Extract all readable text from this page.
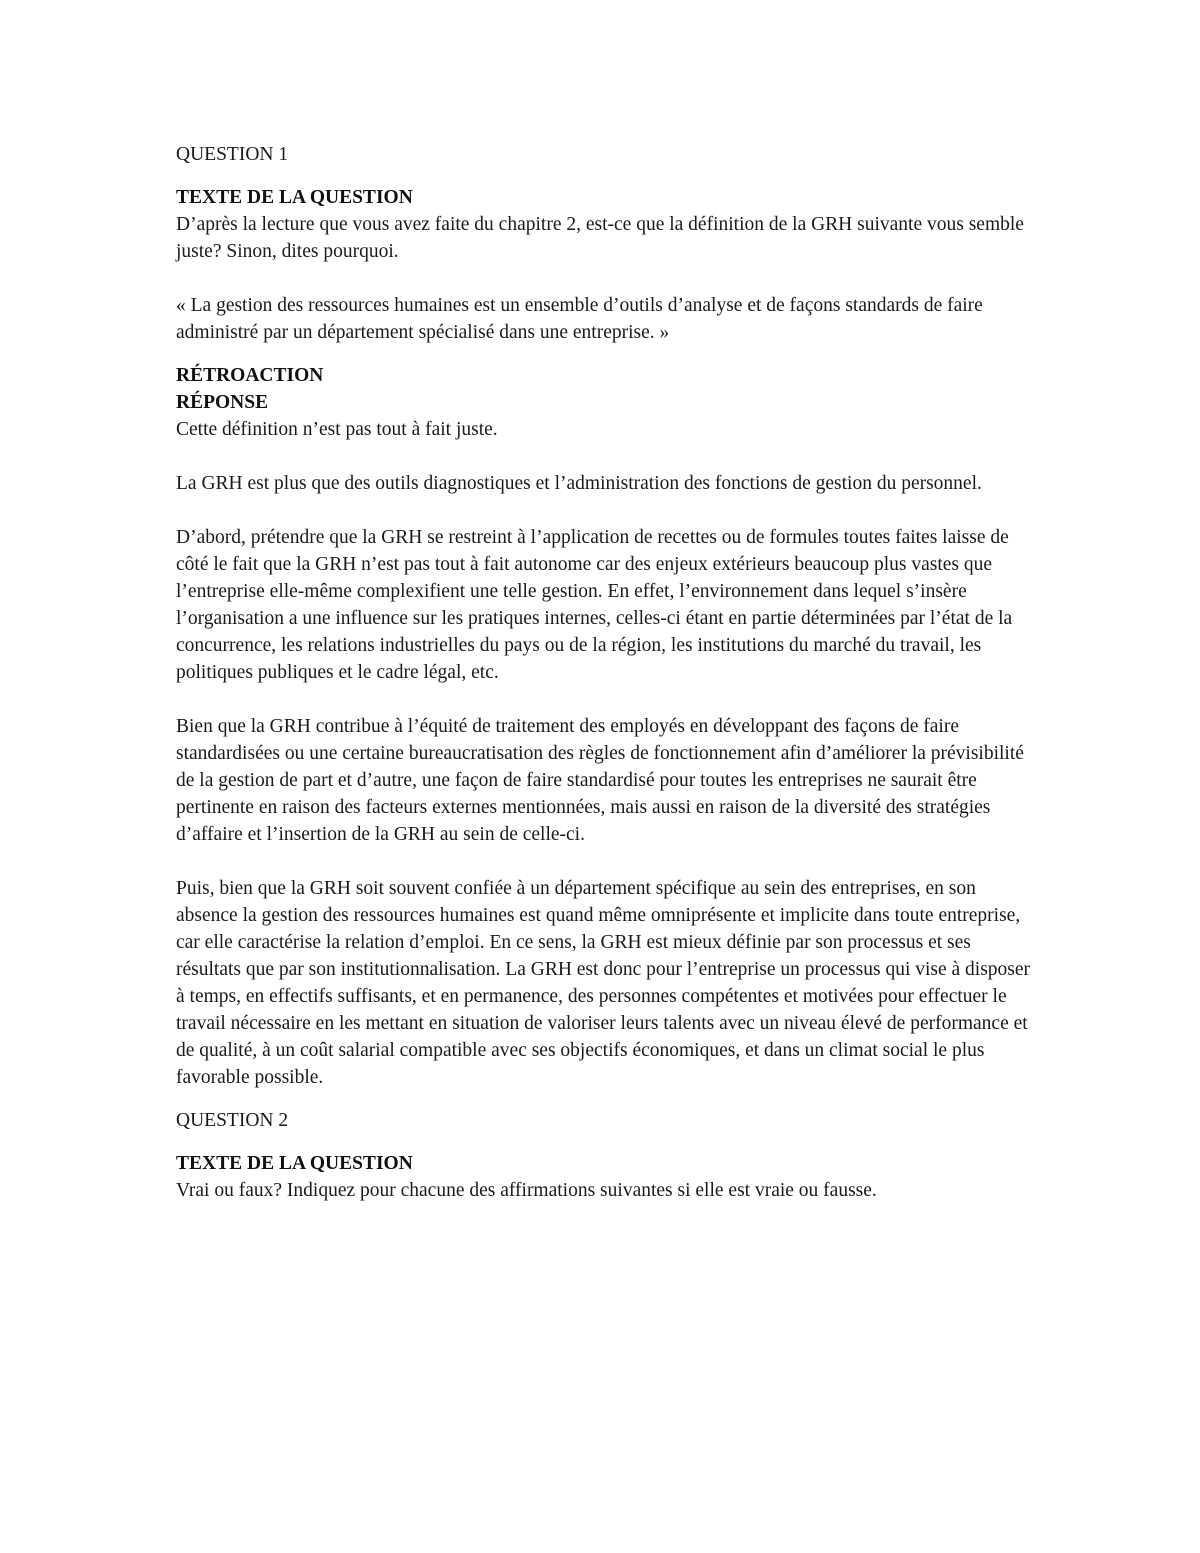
QUESTION 1

TEXTE DE LA QUESTION

D’après la lecture que vous avez faite du chapitre 2, est-ce que la définition de la GRH suivante vous semble juste? Sinon, dites pourquoi.

« La gestion des ressources humaines est un ensemble d’outils d’analyse et de façons standards de faire administré par un département spécialisé dans une entreprise. »

RÉTROACTION

RÉPONSE

Cette définition n’est pas tout à fait juste.

La GRH est plus que des outils diagnostiques et l’administration des fonctions de gestion du personnel.

D’abord, prétendre que la GRH se restreint à l’application de recettes ou de formules toutes faites laisse de côté le fait que la GRH n’est pas tout à fait autonome car des enjeux extérieurs beaucoup plus vastes que l’entreprise elle-même complexifient une telle gestion. En effet, l’environnement dans lequel s’insère l’organisation a une influence sur les pratiques internes, celles-ci étant en partie déterminées par l’état de la concurrence, les relations industrielles du pays ou de la région, les institutions du marché du travail, les politiques publiques et le cadre légal, etc.

Bien que la GRH contribue à l’équité de traitement des employés en développant des façons de faire standardisées ou une certaine bureaucratisation des règles de fonctionnement afin d’améliorer la prévisibilité de la gestion de part et d’autre, une façon de faire standardisé pour toutes les entreprises ne saurait être pertinente en raison des facteurs externes mentionnées, mais aussi en raison de la diversité des stratégies d’affaire et l’insertion de la GRH au sein de celle-ci.

Puis, bien que la GRH soit souvent confiée à un département spécifique au sein des entreprises, en son absence la gestion des ressources humaines est quand même omniprésente et implicite dans toute entreprise, car elle caractérise la relation d’emploi. En ce sens, la GRH est mieux définie par son processus et ses résultats que par son institutionnalisation. La GRH est donc pour l’entreprise un processus qui vise à disposer à temps, en effectifs suffisants, et en permanence, des personnes compétentes et motivées pour effectuer le travail nécessaire en les mettant en situation de valoriser leurs talents avec un niveau élevé de performance et de qualité, à un coût salarial compatible avec ses objectifs économiques, et dans un climat social le plus favorable possible.

QUESTION 2

TEXTE DE LA QUESTION

Vrai ou faux? Indiquez pour chacune des affirmations suivantes si elle est vraie ou fausse.
